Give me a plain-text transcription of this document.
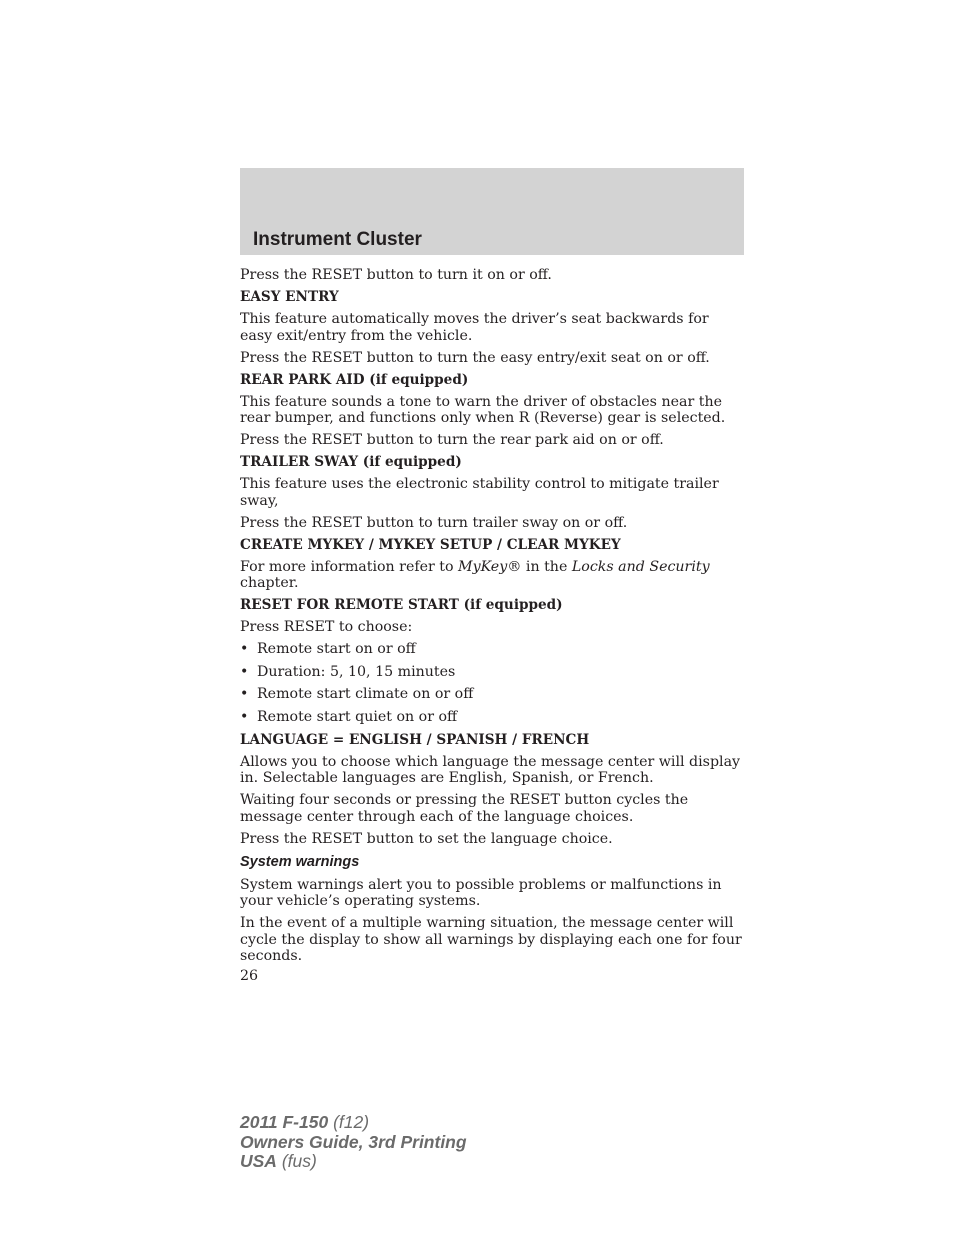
Instrument Cluster

Press the RESET button to turn it on or off.

EASY ENTRY

This feature automatically moves the driver’s seat backwards for easy exit/entry from the vehicle.

Press the RESET button to turn the easy entry/exit seat on or off.

REAR PARK AID (if equipped)

This feature sounds a tone to warn the driver of obstacles near the rear bumper, and functions only when R (Reverse) gear is selected.

Press the RESET button to turn the rear park aid on or off.

TRAILER SWAY (if equipped)

This feature uses the electronic stability control to mitigate trailer sway,

Press the RESET button to turn trailer sway on or off.

CREATE MYKEY / MYKEY SETUP / CLEAR MYKEY

For more information refer to MyKey® in the Locks and Security chapter.

RESET FOR REMOTE START (if equipped)

Press RESET to choose:

• Remote start on or off
• Duration: 5, 10, 15 minutes
• Remote start climate on or off
• Remote start quiet on or off

LANGUAGE = ENGLISH / SPANISH / FRENCH

Allows you to choose which language the message center will display in. Selectable languages are English, Spanish, or French.

Waiting four seconds or pressing the RESET button cycles the message center through each of the language choices.

Press the RESET button to set the language choice.

System warnings

System warnings alert you to possible problems or malfunctions in your vehicle’s operating systems.

In the event of a multiple warning situation, the message center will cycle the display to show all warnings by displaying each one for four seconds.

26

2011 F-150 (f12)
Owners Guide, 3rd Printing
USA (fus)
